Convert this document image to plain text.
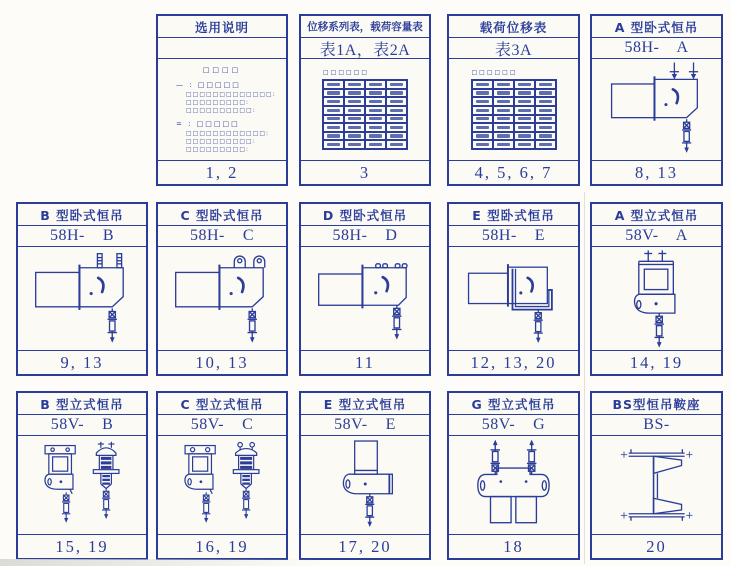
选用说明
□□□□
— : □□□□□
□□□□□□□□□□□□□:
□□□□□□□□□:
□□□□□□□□□□:
= : □□□□□
□□□□□□□□□□□□:
□□□□□□□□□□:
□□□□□□□□□:
1, 2
位移系列表，载荷容量表
表1A，表2A
□□□□□□
3
载荷位移表
表3A
□□□□□□
4, 5, 6, 7
A 型卧式恒吊
58H-    A
8, 13
B 型卧式恒吊
58H-    B
9, 13
C 型卧式恒吊
58H-    C
10, 13
D 型卧式恒吊
58H-    D
11
E 型卧式恒吊
58H-    E
12, 13, 20
A 型立式恒吊
58V-    A
14, 19
B 型立式恒吊
58V-    B
15, 19
C 型立式恒吊
58V-    C
16, 19
E 型立式恒吊
58V-    E
17, 20
G 型立式恒吊
58V-    G
18
BS型恒吊鞍座
BS-
20
